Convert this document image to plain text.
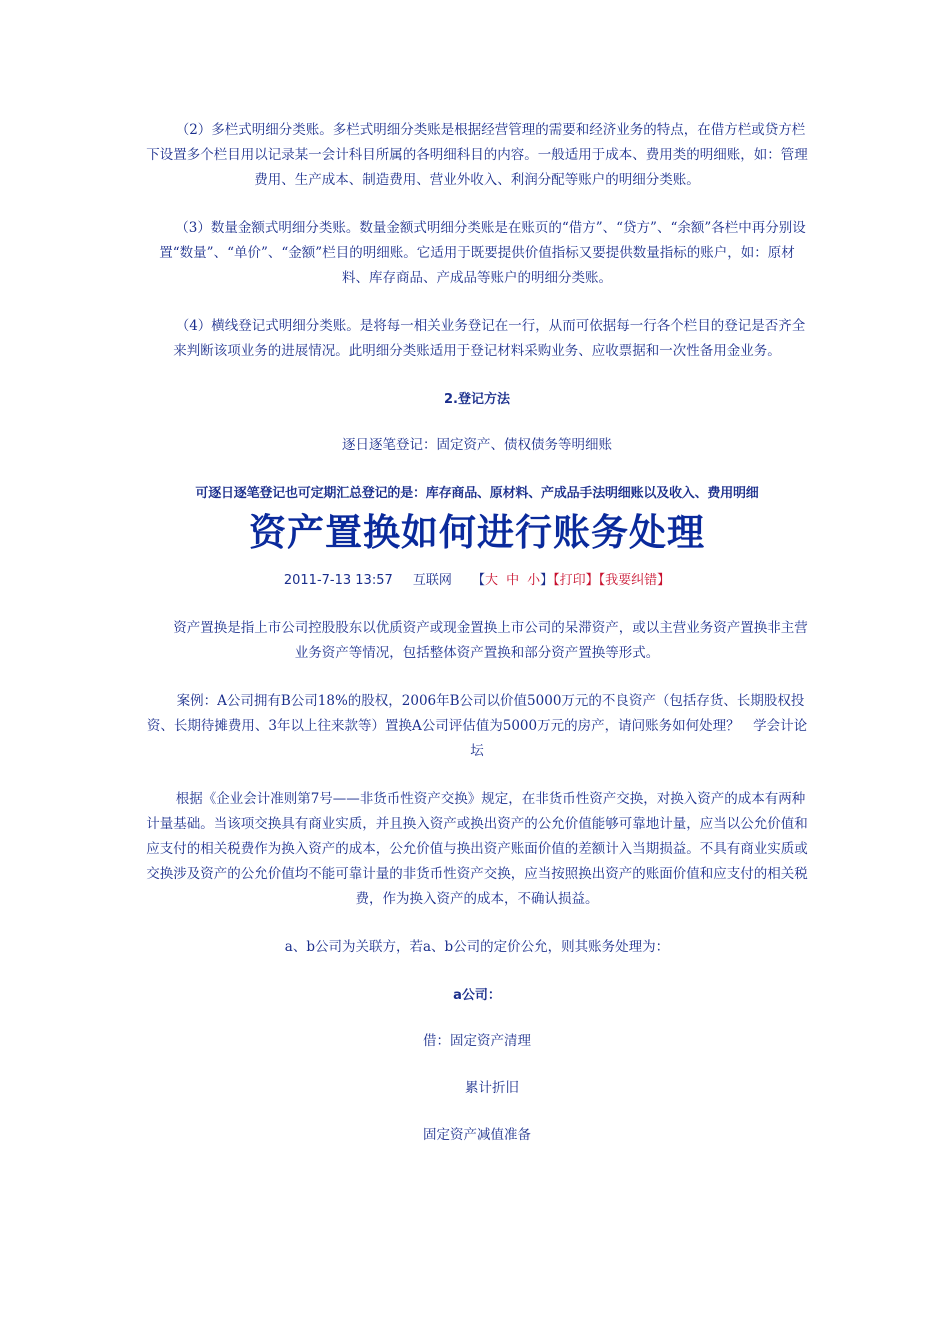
（2）多栏式明细分类账。多栏式明细分类账是根据经营管理的需要和经济业务的特点，在借方栏或贷方栏下设置多个栏目用以记录某一会计科目所属的各明细科目的内容。一般适用于成本、费用类的明细账，如：管理费用、生产成本、制造费用、营业外收入、利润分配等账户的明细分类账。

（3）数量金额式明细分类账。数量金额式明细分类账是在账页的“借方”、“贷方”、“余额”各栏中再分别设置“数量”、“单价”、“金额”栏目的明细账。它适用于既要提供价值指标又要提供数量指标的账户，如：原材料、库存商品、产成品等账户的明细分类账。

（4）横线登记式明细分类账。是将每一相关业务登记在一行，从而可依据每一行各个栏目的登记是否齐全来判断该项业务的进展情况。此明细分类账适用于登记材料采购业务、应收票据和一次性备用金业务。

2.登记方法

逐日逐笔登记：固定资产、债权债务等明细账

可逐日逐笔登记也可定期汇总登记的是：库存商品、原材料、产成品手法明细账以及收入、费用明细

资产置换如何进行账务处理

2011-7-13 13:57 互联网 【大 中 小】【打印】【我要纠错】

资产置换是指上市公司控股股东以优质资产或现金置换上市公司的呆滞资产，或以主营业务资产置换非主营业务资产等情况，包括整体资产置换和部分资产置换等形式。

案例：A公司拥有B公司18%的股权，2006年B公司以价值5000万元的不良资产（包括存货、长期股权投资、长期待摊费用、3年以上往来款等）置换A公司评估值为5000万元的房产，请问账务如何处理？　学会计论坛

根据《企业会计准则第7号——非货币性资产交换》规定，在非货币性资产交换，对换入资产的成本有两种计量基础。当该项交换具有商业实质，并且换入资产或换出资产的公允价值能够可靠地计量，应当以公允价值和应支付的相关税费作为换入资产的成本，公允价值与换出资产账面价值的差额计入当期损益。不具有商业实质或交换涉及资产的公允价值均不能可靠计量的非货币性资产交换，应当按照换出资产的账面价值和应支付的相关税费，作为换入资产的成本，不确认损益。

a、b公司为关联方，若a、b公司的定价公允，则其账务处理为：

a公司：

借：固定资产清理

累计折旧

固定资产减值准备
